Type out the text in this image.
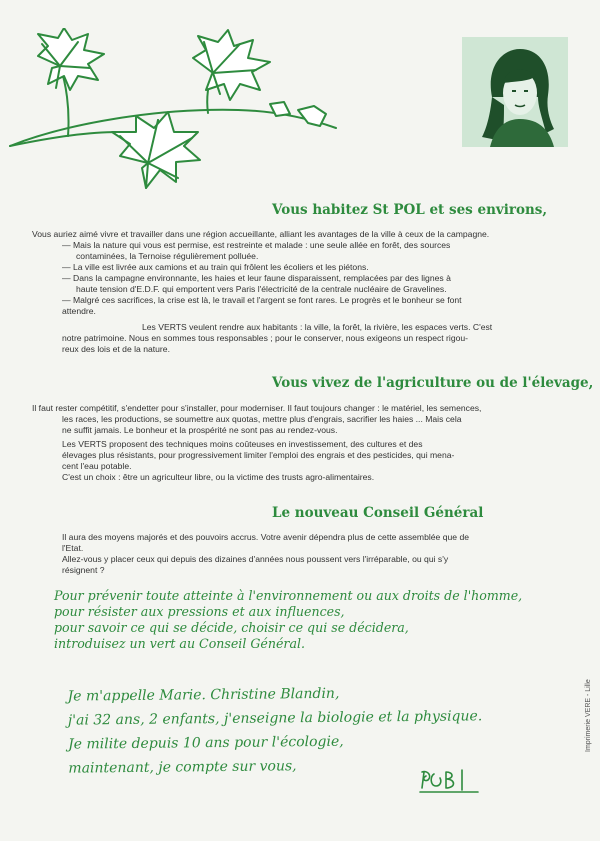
Vous habitez St POL et ses environs,

Vous auriez aimé vivre et travailler dans une région accueillante, alliant les avantages de la ville à ceux de la campagne.

— Mais la nature qui vous est permise, est restreinte et malade : une seule allée en forêt, des sources

contaminées, la Ternoise régulièrement polluée.

— La ville est livrée aux camions et au train qui frôlent les écoliers et les piétons.

— Dans la campagne environnante, les haies et leur faune disparaissent, remplacées par des lignes à

haute tension d'E.D.F. qui emportent vers Paris l'électricité de la centrale nucléaire de Gravelines.

— Malgré ces sacrifices, la crise est là, le travail et l'argent se font rares. Le progrès et le bonheur se font

attendre.

Les VERTS veulent rendre aux habitants : la ville, la forêt, la rivière, les espaces verts. C'est

notre patrimoine. Nous en sommes tous responsables ; pour le conserver, nous exigeons un respect rigou-

reux des lois et de la nature.

Vous vivez de l'agriculture ou de l'élevage,

Il faut rester compétitif, s'endetter pour s'installer, pour moderniser. Il faut toujours changer : le matériel, les semences,

les races, les productions, se soumettre aux quotas, mettre plus d'engrais, sacrifier les haies ... Mais cela

ne suffit jamais. Le bonheur et la prospérité ne sont pas au rendez-vous.

Les VERTS proposent des techniques moins coûteuses en investissement, des cultures et des

élevages plus résistants, pour progressivement limiter l'emploi des engrais et des pesticides, qui mena-

cent l'eau potable.

C'est un choix : être un agriculteur libre, ou la victime des trusts agro-alimentaires.

Le nouveau Conseil Général

Il aura des moyens majorés et des pouvoirs accrus. Votre avenir dépendra plus de cette assemblée que de

l'Etat.

Allez-vous y placer ceux qui depuis des dizaines d'années nous poussent vers l'irréparable, ou qui s'y

résignent ?

Pour prévenir toute atteinte à l'environnement ou aux droits de l'homme,

pour résister aux pressions et aux influences,

pour savoir ce qui se décide, choisir ce qui se décidera,

introduisez un vert au Conseil Général.

Je m'appelle Marie. Christine Blandin,

j'ai 32 ans, 2 enfants, j'enseigne la biologie et la physique.

Je milite depuis 10 ans pour l'écologie,

maintenant, je compte sur vous,

Imprimerie VERE - Lille
